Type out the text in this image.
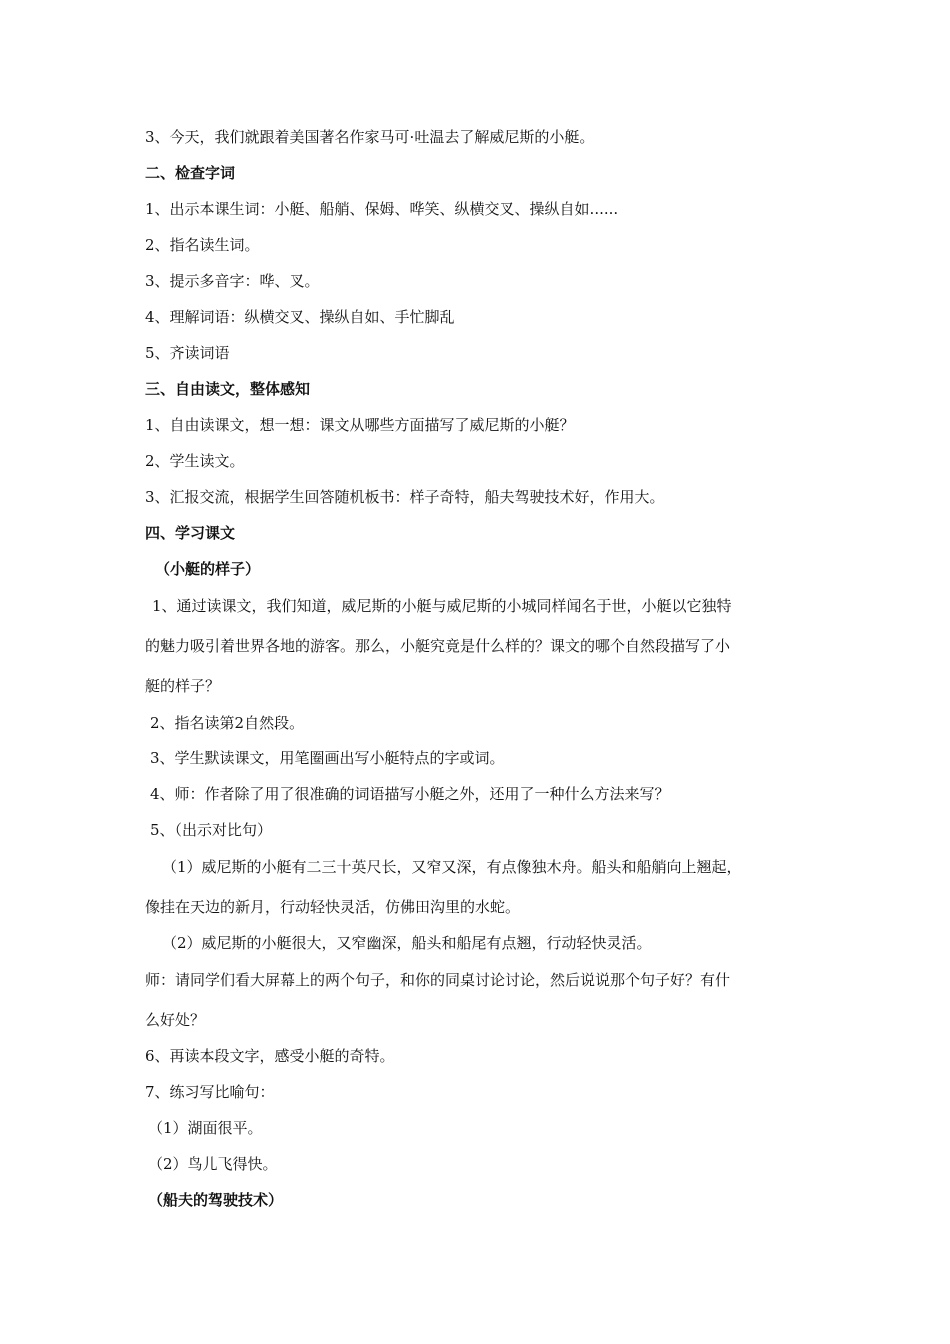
3、今天，我们就跟着美国著名作家马可·吐温去了解威尼斯的小艇。
二、检查字词
1、出示本课生词：小艇、船艄、保姆、哗笑、纵横交叉、操纵自如......
2、指名读生词。
3、提示多音字：哗、叉。
4、理解词语：纵横交叉、操纵自如、手忙脚乱
5、齐读词语
三、自由读文，整体感知
1、自由读课文，想一想：课文从哪些方面描写了威尼斯的小艇？
2、学生读文。
3、汇报交流，根据学生回答随机板书：样子奇特，船夫驾驶技术好，作用大。
四、学习课文
（小艇的样子）
1、通过读课文，我们知道，威尼斯的小艇与威尼斯的小城同样闻名于世，小艇以它独特
的魅力吸引着世界各地的游客。那么，小艇究竟是什么样的？课文的哪个自然段描写了小
艇的样子？
2、指名读第2自然段。
3、学生默读课文，用笔圈画出写小艇特点的字或词。
4、师：作者除了用了很准确的词语描写小艇之外，还用了一种什么方法来写？
5、（出示对比句）
（1）威尼斯的小艇有二三十英尺长，又窄又深，有点像独木舟。船头和船艄向上翘起，
像挂在天边的新月，行动轻快灵活，仿佛田沟里的水蛇。
（2）威尼斯的小艇很大，又窄幽深，船头和船尾有点翘，行动轻快灵活。
师：请同学们看大屏幕上的两个句子，和你的同桌讨论讨论，然后说说那个句子好？有什
么好处？
6、再读本段文字，感受小艇的奇特。
7、练习写比喻句：
（1）湖面很平。
（2）鸟儿飞得快。
（船夫的驾驶技术）
